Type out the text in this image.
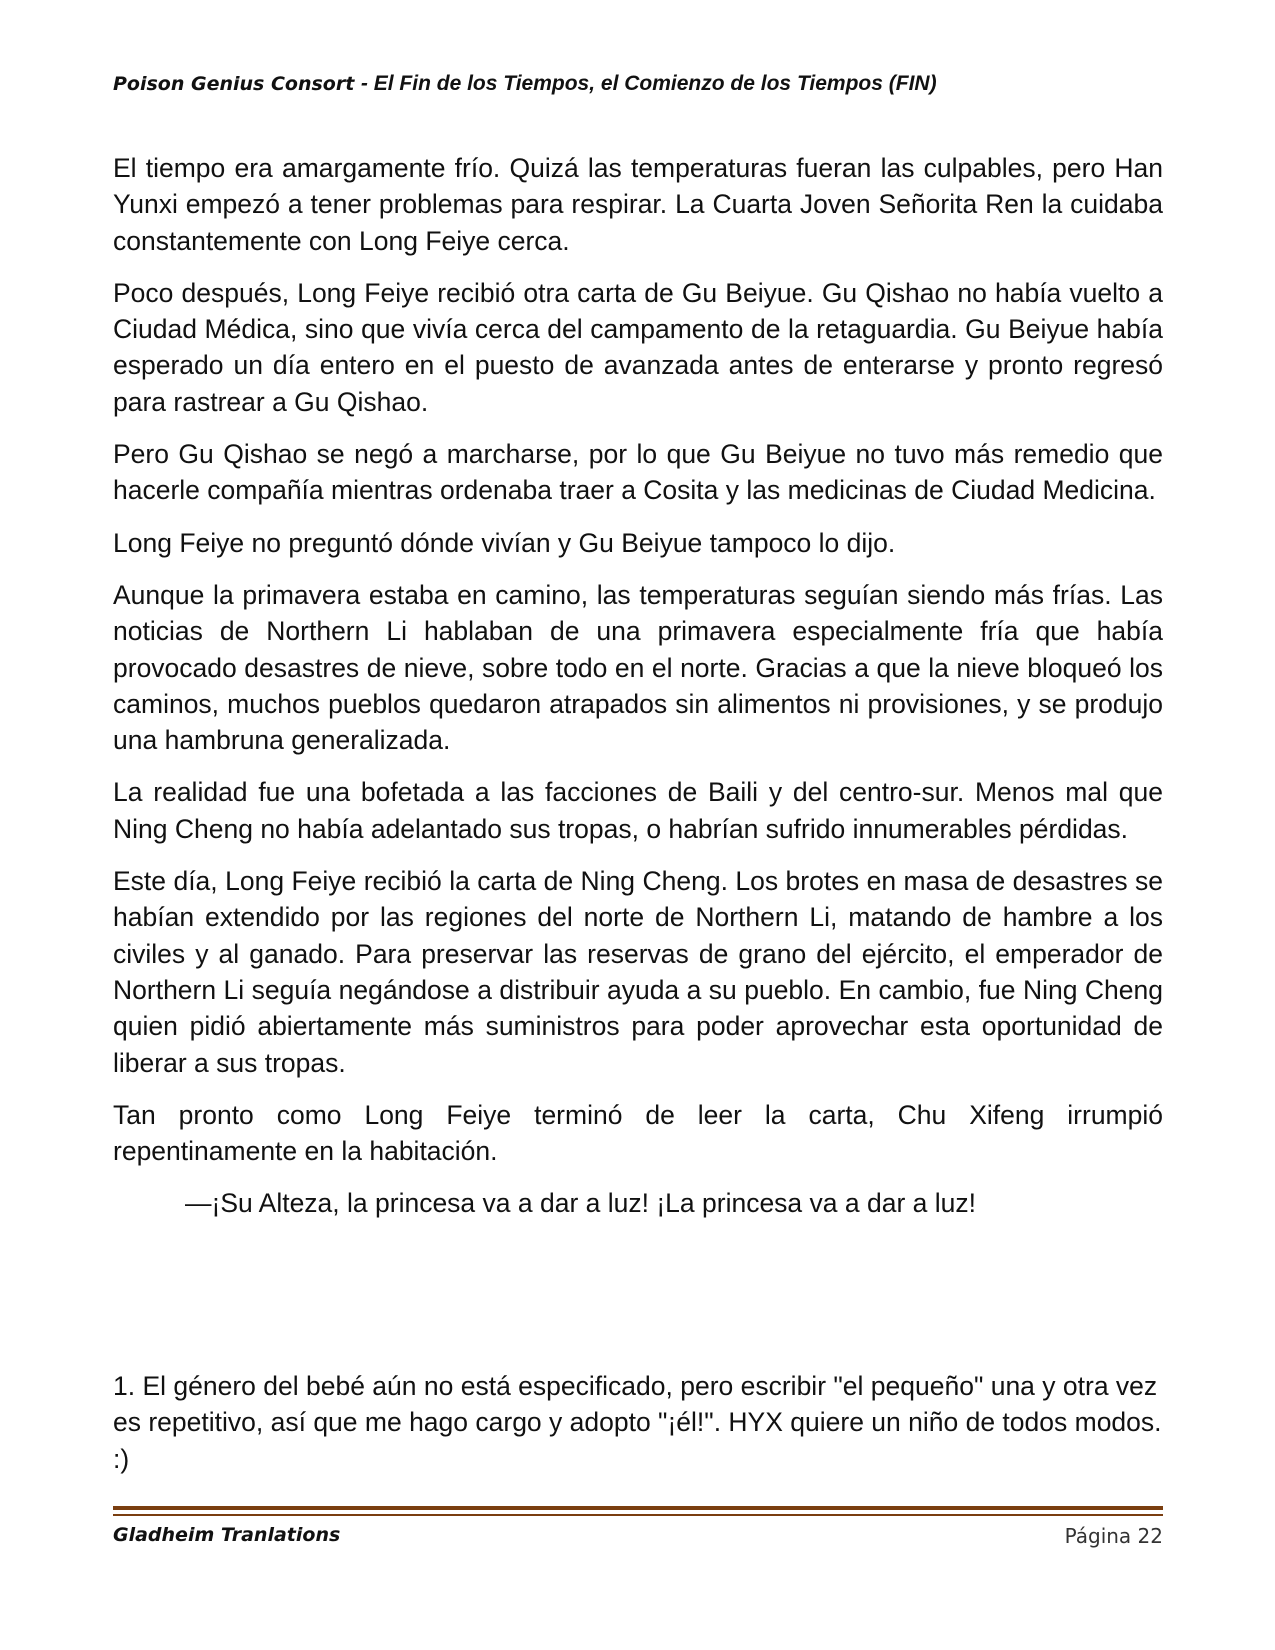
Poison Genius Consort - El Fin de los Tiempos, el Comienzo de los Tiempos (FIN)

El tiempo era amargamente frío. Quizá las temperaturas fueran las culpables, pero Han Yunxi empezó a tener problemas para respirar. La Cuarta Joven Señorita Ren la cuidaba constantemente con Long Feiye cerca.

Poco después, Long Feiye recibió otra carta de Gu Beiyue. Gu Qishao no había vuelto a Ciudad Médica, sino que vivía cerca del campamento de la retaguardia. Gu Beiyue había esperado un día entero en el puesto de avanzada antes de enterarse y pronto regresó para rastrear a Gu Qishao.

Pero Gu Qishao se negó a marcharse, por lo que Gu Beiyue no tuvo más remedio que hacerle compañía mientras ordenaba traer a Cosita y las medicinas de Ciudad Medicina.

Long Feiye no preguntó dónde vivían y Gu Beiyue tampoco lo dijo.

Aunque la primavera estaba en camino, las temperaturas seguían siendo más frías. Las noticias de Northern Li hablaban de una primavera especialmente fría que había provocado desastres de nieve, sobre todo en el norte. Gracias a que la nieve bloqueó los caminos, muchos pueblos quedaron atrapados sin alimentos ni provisiones, y se produjo una hambruna generalizada.

La realidad fue una bofetada a las facciones de Baili y del centro-sur. Menos mal que Ning Cheng no había adelantado sus tropas, o habrían sufrido innumerables pérdidas.

Este día, Long Feiye recibió la carta de Ning Cheng. Los brotes en masa de desastres se habían extendido por las regiones del norte de Northern Li, matando de hambre a los civiles y al ganado. Para preservar las reservas de grano del ejército, el emperador de Northern Li seguía negándose a distribuir ayuda a su pueblo. En cambio, fue Ning Cheng quien pidió abiertamente más suministros para poder aprovechar esta oportunidad de liberar a sus tropas.

Tan pronto como Long Feiye terminó de leer la carta, Chu Xifeng irrumpió repentinamente en la habitación.

—¡Su Alteza, la princesa va a dar a luz! ¡La princesa va a dar a luz!

1. El género del bebé aún no está especificado, pero escribir "el pequeño" una y otra vez es repetitivo, así que me hago cargo y adopto "¡él!". HYX quiere un niño de todos modos. :)

Gladheim Tranlations	Página 22
